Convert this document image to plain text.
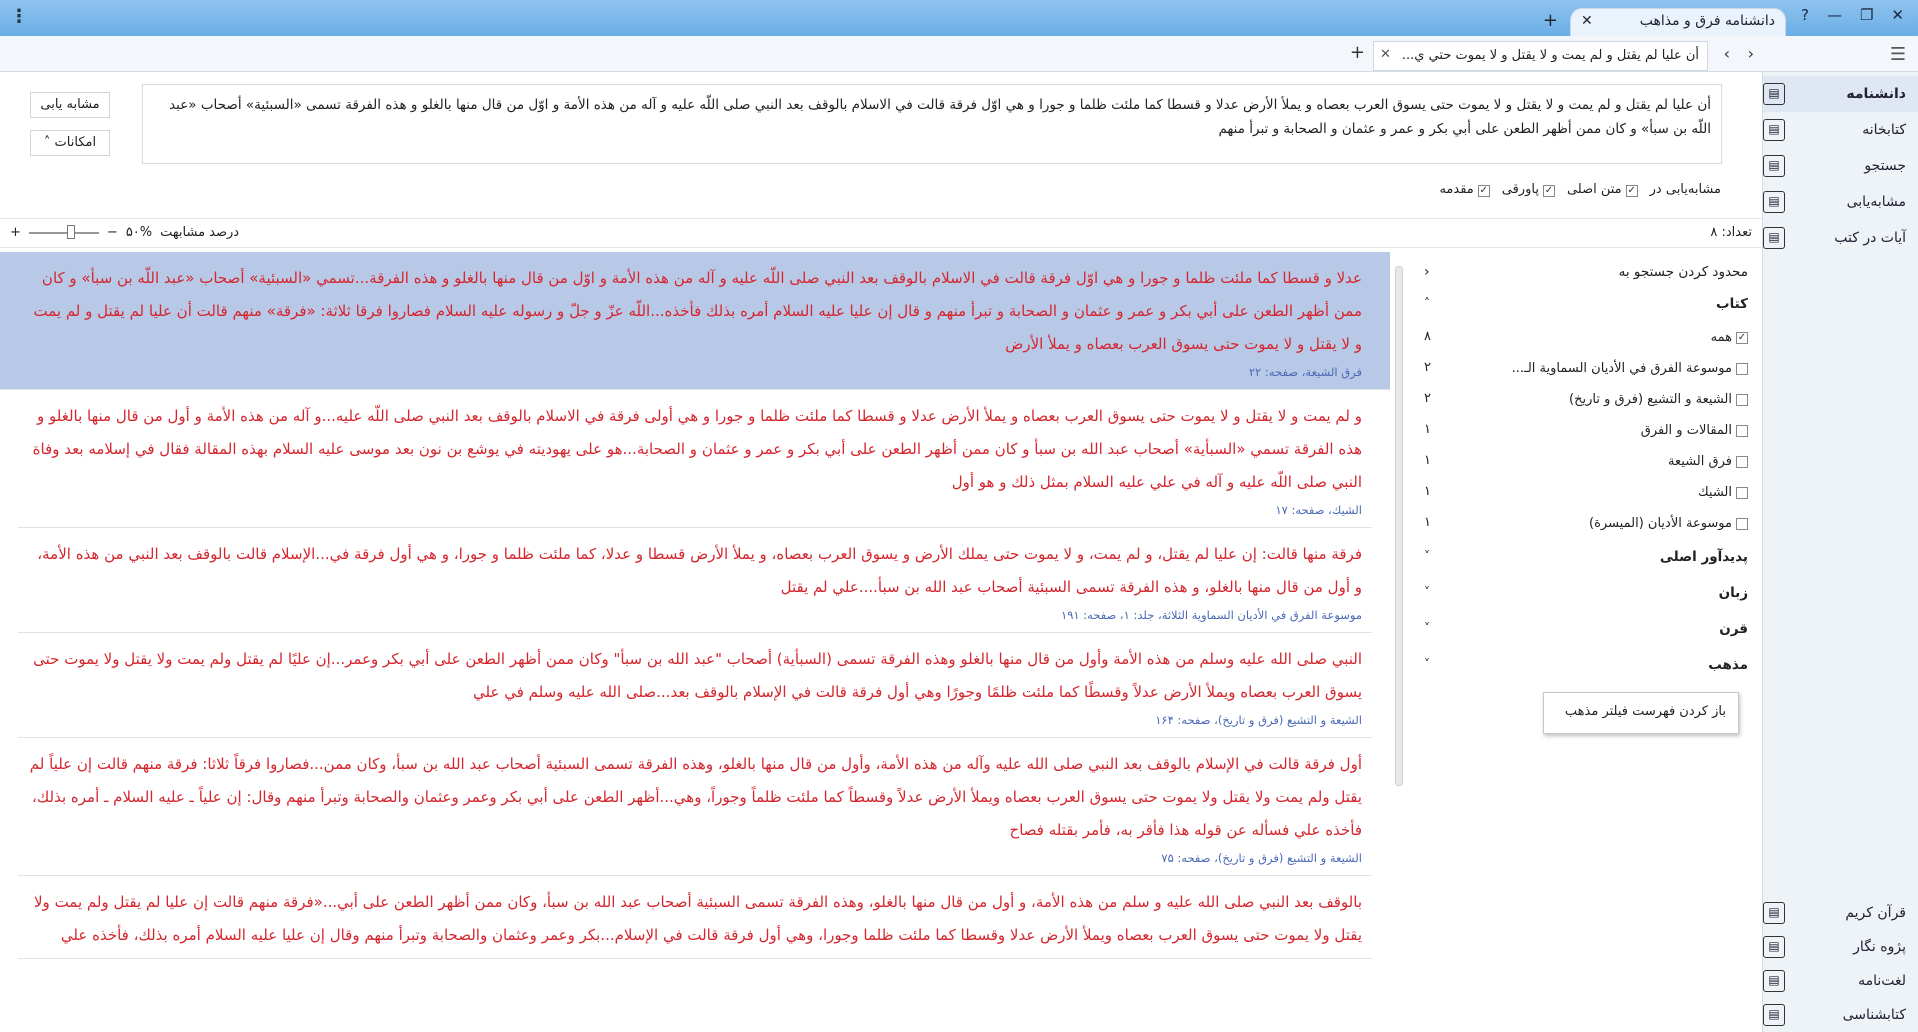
⋮	+	دانشنامه فرق و مذاهب
✕	? — ❐ ✕
+	أن عليا لم يقتل و لم يمت و لا يقتل و لا يموت حتي ي...
✕	‹ ›	☰
أن عليا لم يقتل و لم يمت و لا يقتل و لا يموت حتى يسوق العرب بعصاه و يملأ الأرض عدلا و قسطا كما ملئت ظلما و جورا و هي اوّل فرقة قالت في الاسلام بالوقف بعد النبي صلى اللّه عليه و آله من هذه الأمة و اوّل من قال منها بالغلو و هذه الفرقة تسمى «السبئية» أصحاب «عبد اللّه بن سبأ» و كان ممن أظهر الطعن على أبي بكر و عمر و عثمان و الصحابة و تبرأ منهم
مشابه یابی
امکانات ˄
مشابه‌یابی در
✓متن اصلی
✓پاورقی
✓مقدمه
تعداد: ۸
درصد مشابهت
۵۰%
−
+
عدلا و قسطا كما ملئت ظلما و جورا و هي اوّل فرقة قالت في الاسلام بالوقف بعد النبي صلى اللّه عليه و آله من هذه الأمة و اوّل من قال منها بالغلو و هذه الفرقة...تسمي «السبئية» أصحاب «عبد اللّه بن سبأ» و كان ممن أظهر الطعن على أبي بكر و عمر و عثمان و الصحابة و تبرأ منهم و قال إن عليا عليه السلام أمره بذلك فأخذه...اللّه عزّ و جلّ و رسوله عليه السلام فصاروا فرقا ثلاثة: «فرقة» منهم قالت أن عليا لم يقتل و لم يمت و لا يقتل و لا يموت حتى يسوق العرب بعصاه و يملأ الأرض
فرق الشيعة، صفحه: ۲۲
و لم يمت و لا يقتل و لا يموت حتى يسوق العرب بعصاه و يملأ الأرض عدلا و قسطا كما ملئت ظلما و جورا و هي أولى فرقة في الاسلام بالوقف بعد النبي صلى اللّه عليه...و آله من هذه الأمة و أول من قال منها بالغلو و هذه الفرقة تسمي «السبأية» أصحاب عبد الله بن سبأ و كان ممن أظهر الطعن على أبي بكر و عمر و عثمان و الصحابة...هو على يهوديته في يوشع بن نون بعد موسى عليه السلام بهذه المقالة فقال في إسلامه بعد وفاة النبي صلى اللّه عليه و آله في علي عليه السلام بمثل ذلك و هو أول
الشيك، صفحه: ۱۷
فرقة منها قالت: إن عليا لم يقتل، و لم يمت، و لا يموت حتى يملك الأرض و يسوق العرب بعصاه، و يملأ الأرض قسطا و عدلا، كما ملئت ظلما و جورا، و هي أول فرقة في...الإسلام قالت بالوقف بعد النبي من هذه الأمة، و أول من قال منها بالغلو، و هذه الفرقة تسمى السبئية أصحاب عبد الله بن سبأ....علي لم يقتل
موسوعة الفرق في الأديان السماوية الثلاثة، جلد: ۱، صفحه: ۱۹۱
النبي صلى الله عليه وسلم من هذه الأمة وأول من قال منها بالغلو وهذه الفرقة تسمى (السبأية) أصحاب "عبد الله بن سبأ" وكان ممن أظهر الطعن على أبي بكر وعمر...إن عليًا لم يقتل ولم يمت ولا يقتل ولا يموت حتى يسوق العرب بعصاه ويملأ الأرض عدلاً وقسطًا كما ملئت ظلمًا وجورًا وهي أول فرقة قالت في الإسلام بالوقف بعد...صلى الله عليه وسلم في علي
الشيعة و التشيع (فرق و تاريخ)، صفحه: ۱۶۴
أول فرقة قالت في الإسلام بالوقف بعد النبي صلى الله عليه وآله من هذه الأمة، وأول من قال منها بالغلو، وهذه الفرقة تسمى السبئية أصحاب عبد الله بن سبأ، وكان ممن...فصاروا فرقاً ثلاثا: فرقة منهم قالت إن علياً لم يقتل ولم يمت ولا يقتل ولا يموت حتى يسوق العرب بعصاه ويملأ الأرض عدلاً وقسطاً كما ملئت ظلماً وجوراً، وهي...أظهر الطعن على أبي بكر وعمر وعثمان والصحابة وتبرأ منهم وقال: إن علياً ـ عليه السلام ـ أمره بذلك، فأخذه علي فسأله عن قوله هذا فأقر به، فأمر بقتله فصاح
الشيعة و التشيع (فرق و تاريخ)، صفحه: ۷۵
بالوقف بعد النبي صلى الله عليه و سلم من هذه الأمة، و أول من قال منها بالغلو، وهذه الفرقة تسمى السبئية أصحاب عبد الله بن سبأ، وكان ممن أظهر الطعن على أبي...«فرقة منهم قالت إن عليا لم يقتل ولم يمت ولا يقتل ولا يموت حتى يسوق العرب بعصاه ويملأ الأرض عدلا وقسطا كما ملئت ظلما وجورا، وهي أول فرقة قالت في الإسلام...بكر وعمر وعثمان والصحابة وتبرأ منهم وقال إن عليا عليه السلام أمره بذلك، فأخذه علي
محدود کردن جستجو به
‹
کتاب
˄
✓
همه
۸
موسوعة الفرق في الأديان السماوية الـ...
۲
الشيعة و التشيع (فرق و تاريخ)
۲
المقالات و الفرق
۱
فرق الشيعة
۱
الشيك
۱
موسوعة الأديان (الميسرة)
۱
پدیدآور اصلی
˅
زبان
˅
قرن
˅
مذهب
˅
باز کردن فهرست فیلتر مذهب
دانشنامه
▤
کتابخانه
▤
جستجو
▤
مشابه‌یابی
▤
آیات در کتب
▤
قرآن کریم
▤
پژوه نگار
▤
لغت‌نامه
▤
کتابشناسی
▤
